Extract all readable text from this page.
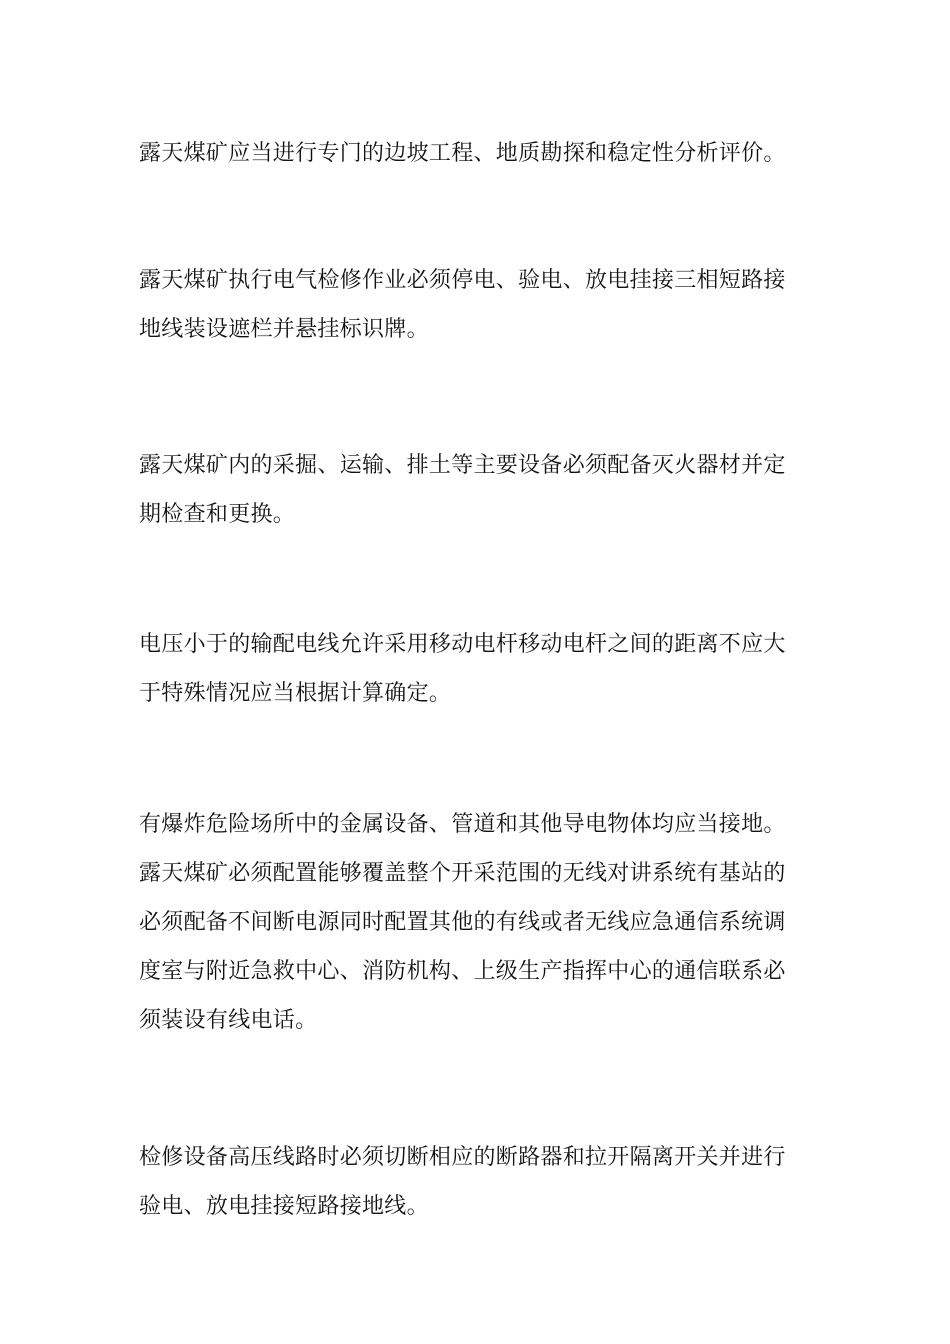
露天煤矿应当进行专门的边坡工程、地质勘探和稳定性分析评价。

露天煤矿执行电气检修作业必须停电、验电、放电挂接三相短路接
地线装设遮栏并悬挂标识牌。

露天煤矿内的采掘、运输、排土等主要设备必须配备灭火器材并定
期检查和更换。

电压小于的输配电线允许采用移动电杆移动电杆之间的距离不应大
于特殊情况应当根据计算确定。

有爆炸危险场所中的金属设备、管道和其他导电物体均应当接地。
露天煤矿必须配置能够覆盖整个开采范围的无线对讲系统有基站的
必须配备不间断电源同时配置其他的有线或者无线应急通信系统调
度室与附近急救中心、消防机构、上级生产指挥中心的通信联系必
须装设有线电话。

检修设备高压线路时必须切断相应的断路器和拉开隔离开关并进行
验电、放电挂接短路接地线。
